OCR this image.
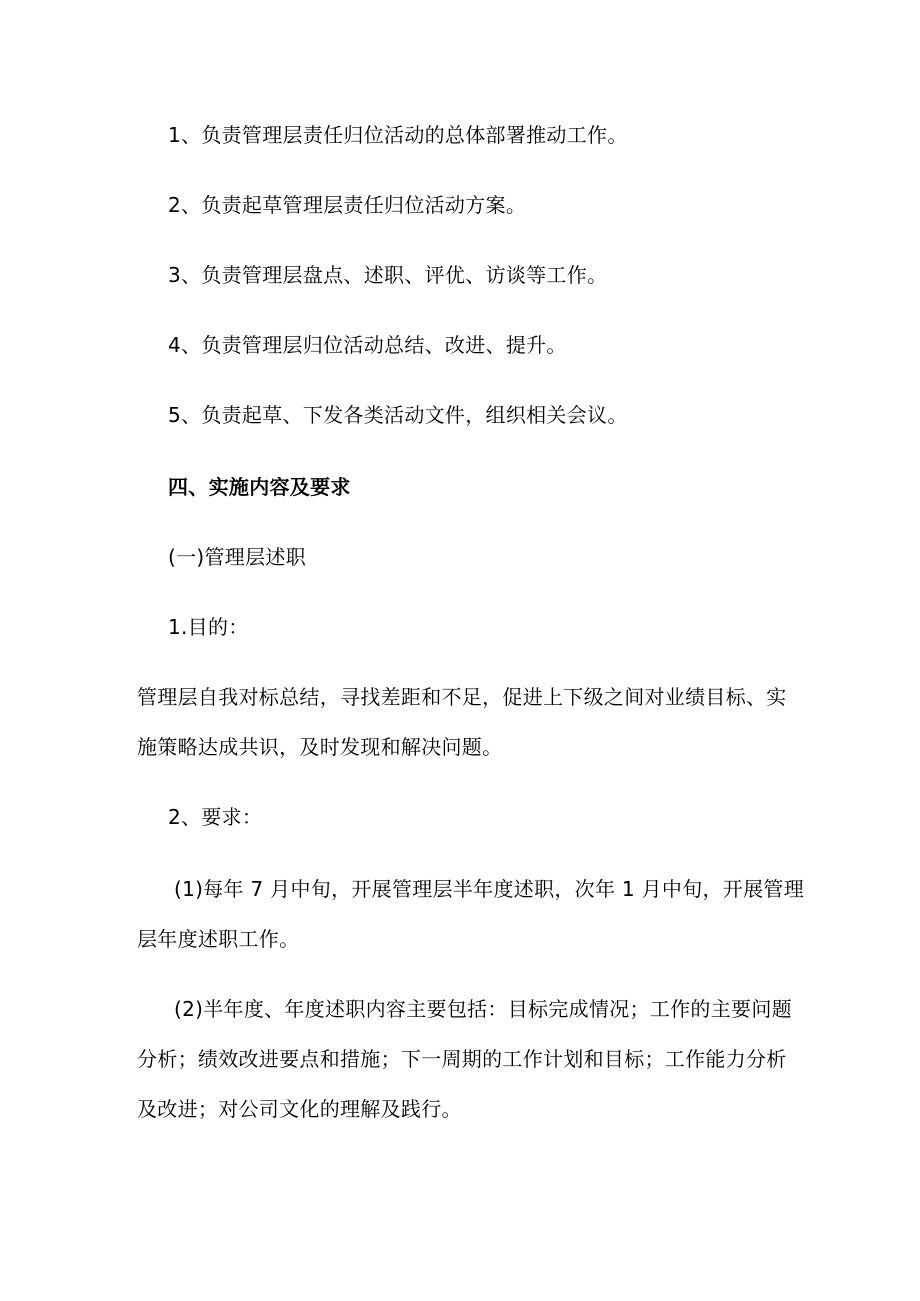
1、负责管理层责任归位活动的总体部署推动工作。
2、负责起草管理层责任归位活动方案。
3、负责管理层盘点、述职、评优、访谈等工作。
4、负责管理层归位活动总结、改进、提升。
5、负责起草、下发各类活动文件，组织相关会议。
四、实施内容及要求
(一)管理层述职
1.目的：
管理层自我对标总结，寻找差距和不足，促进上下级之间对业绩目标、实
施策略达成共识，及时发现和解决问题。
2、要求：
(1)每年 7 月中旬，开展管理层半年度述职，次年 1 月中旬，开展管理
层年度述职工作。
(2)半年度、年度述职内容主要包括：目标完成情况；工作的主要问题
分析；绩效改进要点和措施；下一周期的工作计划和目标；工作能力分析
及改进；对公司文化的理解及践行。
